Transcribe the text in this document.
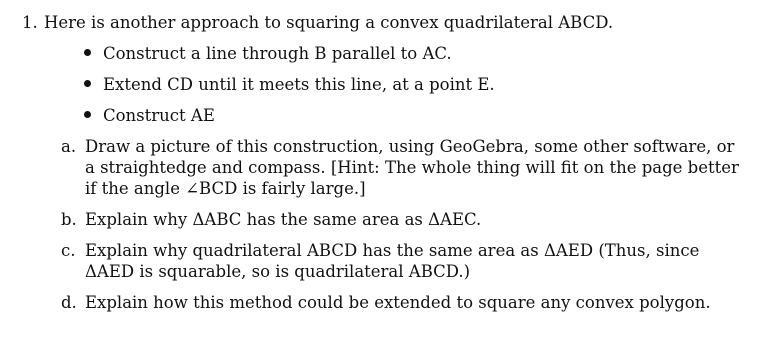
1. Here is another approach to squaring a convex quadrilateral ABCD.
Construct a line through B parallel to AC.
Extend CD until it meets this line, at a point E.
Construct AE
a. Draw a picture of this construction, using GeoGebra, some other software, or
a straightedge and compass. [Hint: The whole thing will fit on the page better
if the angle ∠BCD is fairly large.]
b. Explain why ΔABC has the same area as ΔAEC.
c. Explain why quadrilateral ABCD has the same area as ΔAED (Thus, since
ΔAED is squarable, so is quadrilateral ABCD.)
d. Explain how this method could be extended to square any convex polygon.
